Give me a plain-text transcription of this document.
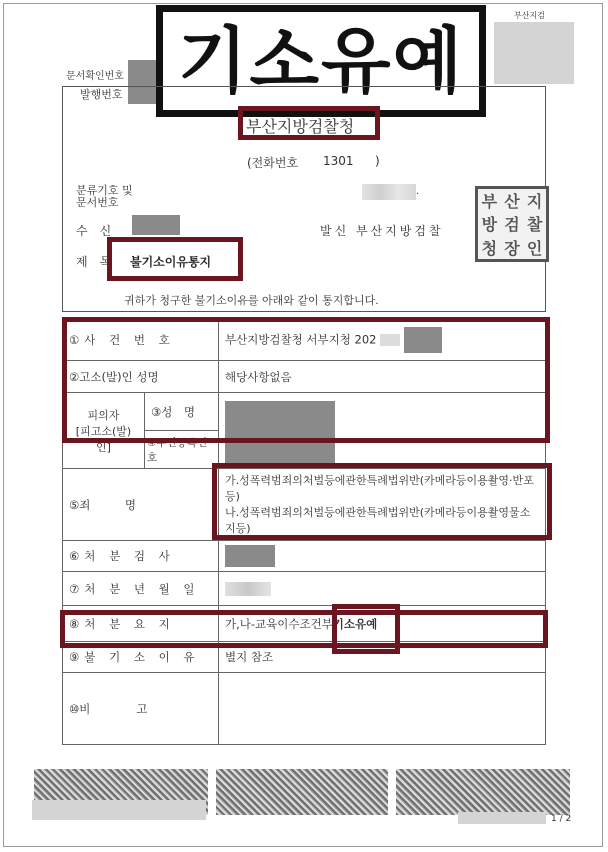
부산지검
문서확인번호
발행번호 기소유예
부산지방검찰청
(전화번호 1301 )
분류기호 및
문서번호
.
수　신	발신 부산지방검찰
부 산 지
방 검 찰
청 장 인
제　목 불기소이유통지
귀하가 청구한 불기소이유를 아래와 같이 통지합니다.
①사 건 번 호		부산지방검찰청 서부지청 202
②고소(발)인 성명		해당사항없음

피의자
[피고소(발)인]	③성　명	

	④주민등록번호	
⑤죄　　　명		가.성폭력범죄의처벌등에관한특례법위반(카메라등이용촬영·반포등)
나.성폭력범죄의처벌등에관한특례법위반(카메라등이용촬영물소지등)

⑥처 분 검 사		

⑦처 분 년 월 일		

⑧처 분 요 지		가,나-교육이수조건부기소유예
⑨불 기 소 이 유		별지 참조
⑩비　　　　고		
1 / 2
